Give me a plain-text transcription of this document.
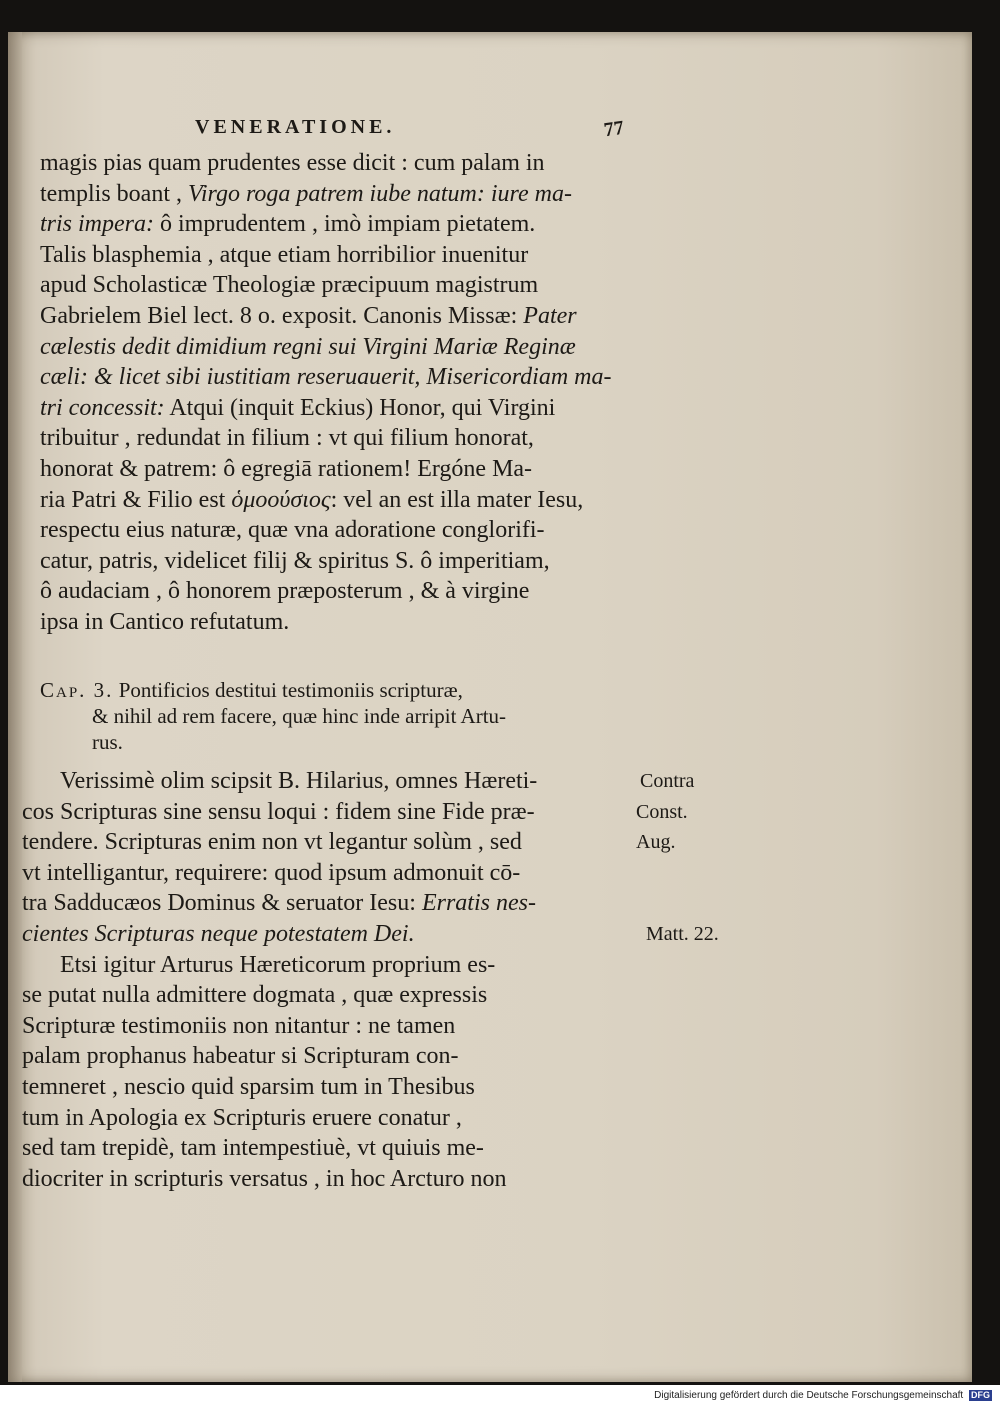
VENERATIONE.	77
magis pias quam prudentes esse dicit : cum palam in
templis boant , Virgo roga patrem iube natum: iure ma-
tris impera: ô imprudentem , imò impiam pietatem.
Talis blasphemia , atque etiam horribilior inuenitur
apud Scholasticæ Theologiæ præcipuum magistrum
Gabrielem Biel lect. 8 o. exposit. Canonis Missæ: Pater
cælestis dedit dimidium regni sui Virgini Mariæ Reginæ
cæli: & licet sibi iustitiam reseruauerit, Misericordiam ma-
tri concessit: Atqui (inquit Eckius) Honor, qui Virgini
tribuitur , redundat in filium : vt qui filium honorat,
honorat & patrem: ô egregiā rationem! Ergóne Ma-
ria Patri & Filio est ὁμοούσιος: vel an est illa mater Iesu,
respectu eius naturæ, quæ vna adoratione conglorifi-
catur, patris, videlicet filij & spiritus S. ô imperitiam,
ô audaciam , ô honorem præposterum , & à virgine
ipsa in Cantico refutatum.
Cap. 3. Pontificios destitui testimoniis scripturæ,
& nihil ad rem facere, quæ hinc inde arripit Artu-
rus.
Verissimè olim scipsit B. Hilarius, omnes Hæreti-
cos Scripturas sine sensu loqui : fidem sine Fide præ-
tendere. Scripturas enim non vt legantur solùm , sed
vt intelligantur, requirere: quod ipsum admonuit cō-
tra Sadducæos Dominus & seruator Iesu: Erratis nes-
cientes Scripturas neque potestatem Dei.
Etsi igitur Arturus Hæreticorum proprium es-
se putat nulla admittere dogmata , quæ expressis
Scripturæ testimoniis non nitantur : ne tamen
palam prophanus habeatur si Scripturam con-
temneret , nescio quid sparsim tum in Thesibus
tum in Apologia ex Scripturis eruere conatur ,
sed tam trepidè, tam intempestiuè, vt quiuis me-
diocriter in scripturis versatus , in hoc Arcturo non
Contra
Const.
Aug.
Matt. 22.
Digitalisierung gefördert durch die Deutsche Forschungsgemeinschaft DFG
